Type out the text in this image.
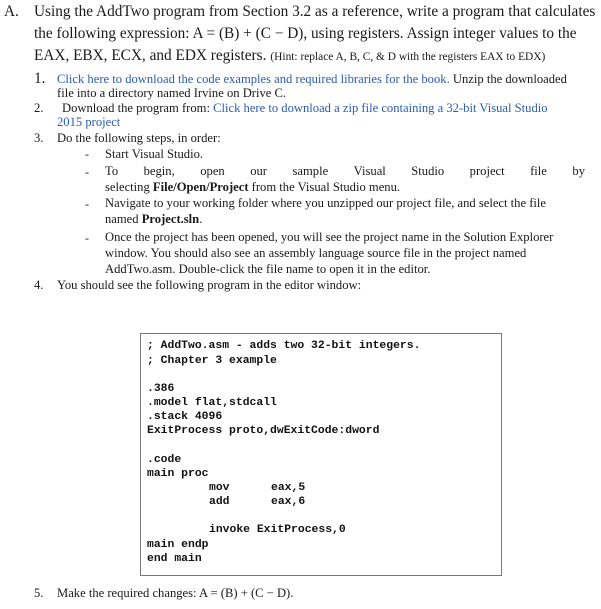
A. Using the AddTwo program from Section 3.2 as a reference, write a program that calculates
the following expression: A = (B) + (C − D), using registers. Assign integer values to the
EAX, EBX, ECX, and EDX registers. (Hint: replace A, B, C, & D with the registers EAX to EDX)
1. Click here to download the code examples and required libraries for the book. Unzip the downloaded
file into a directory named Irvine on Drive C.
2. Download the program from: Click here to download a zip file containing a 32-bit Visual Studio
2015 project
3. Do the following steps, in order:
- Start Visual Studio.
- To begin, open our sample Visual Studio project file by
selecting File/Open/Project from the Visual Studio menu.
- Navigate to your working folder where you unzipped our project file, and select the file
named Project.sln.
- Once the project has been opened, you will see the project name in the Solution Explorer
window. You should also see an assembly language source file in the project named
AddTwo.asm. Double-click the file name to open it in the editor.
4. You should see the following program in the editor window:
; AddTwo.asm - adds two 32-bit integers.
; Chapter 3 example
.386
.model flat,stdcall
.stack 4096
ExitProcess proto,dwExitCode:dword
.code
main proc
mov	eax,5
add	eax,6
invoke ExitProcess,0
main endp
end main
5. Make the required changes: A = (B) + (C − D).
